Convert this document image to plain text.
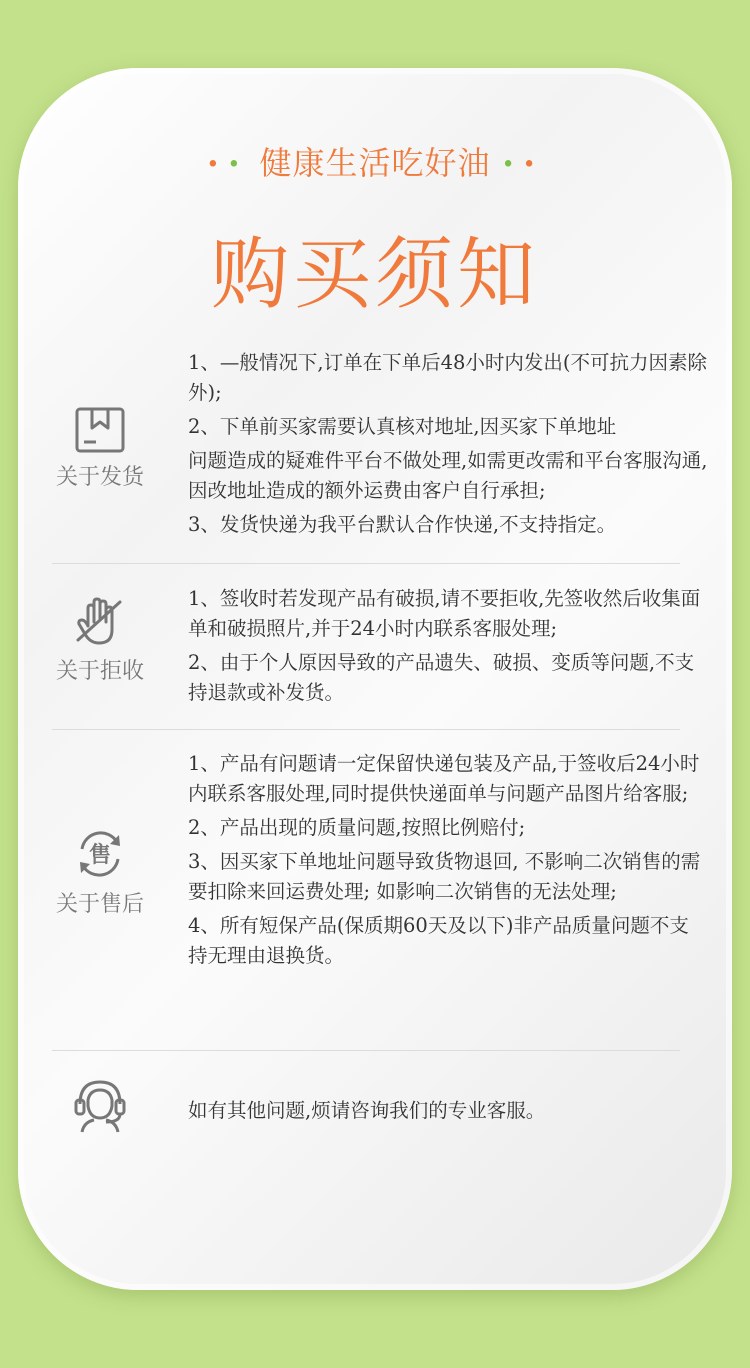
•• 健康生活吃好油 ••
购买须知
关于发货

1、—般情况下,订单在下单后48小时内发出(不可抗力因素除外);

2、下单前买家需要认真核对地址,因买家下单地址

问题造成的疑难件平台不做处理,如需更改需和平台客服沟通,因改地址造成的额外运费由客户自行承担;

3、发货快递为我平台默认合作快递,不支持指定。

关于拒收

1、签收时若发现产品有破损,请不要拒收,先签收然后收集面单和破损照片,并于24小时内联系客服处理;

2、由于个人原因导致的产品遗失、破损、变质等问题,不支持退款或补发货。

售
关于售后

1、产品有问题请一定保留快递包装及产品,于签收后24小时内联系客服处理,同时提供快递面单与问题产品图片给客服;

2、产品出现的质量问题,按照比例赔付;

3、因买家下单地址问题导致货物退回, 不影响二次销售的需要扣除来回运费处理; 如影响二次销售的无法处理;

4、所有短保产品(保质期60天及以下)非产品质量问题不支持无理由退换货。

如有其他问题,烦请咨询我们的专业客服。
